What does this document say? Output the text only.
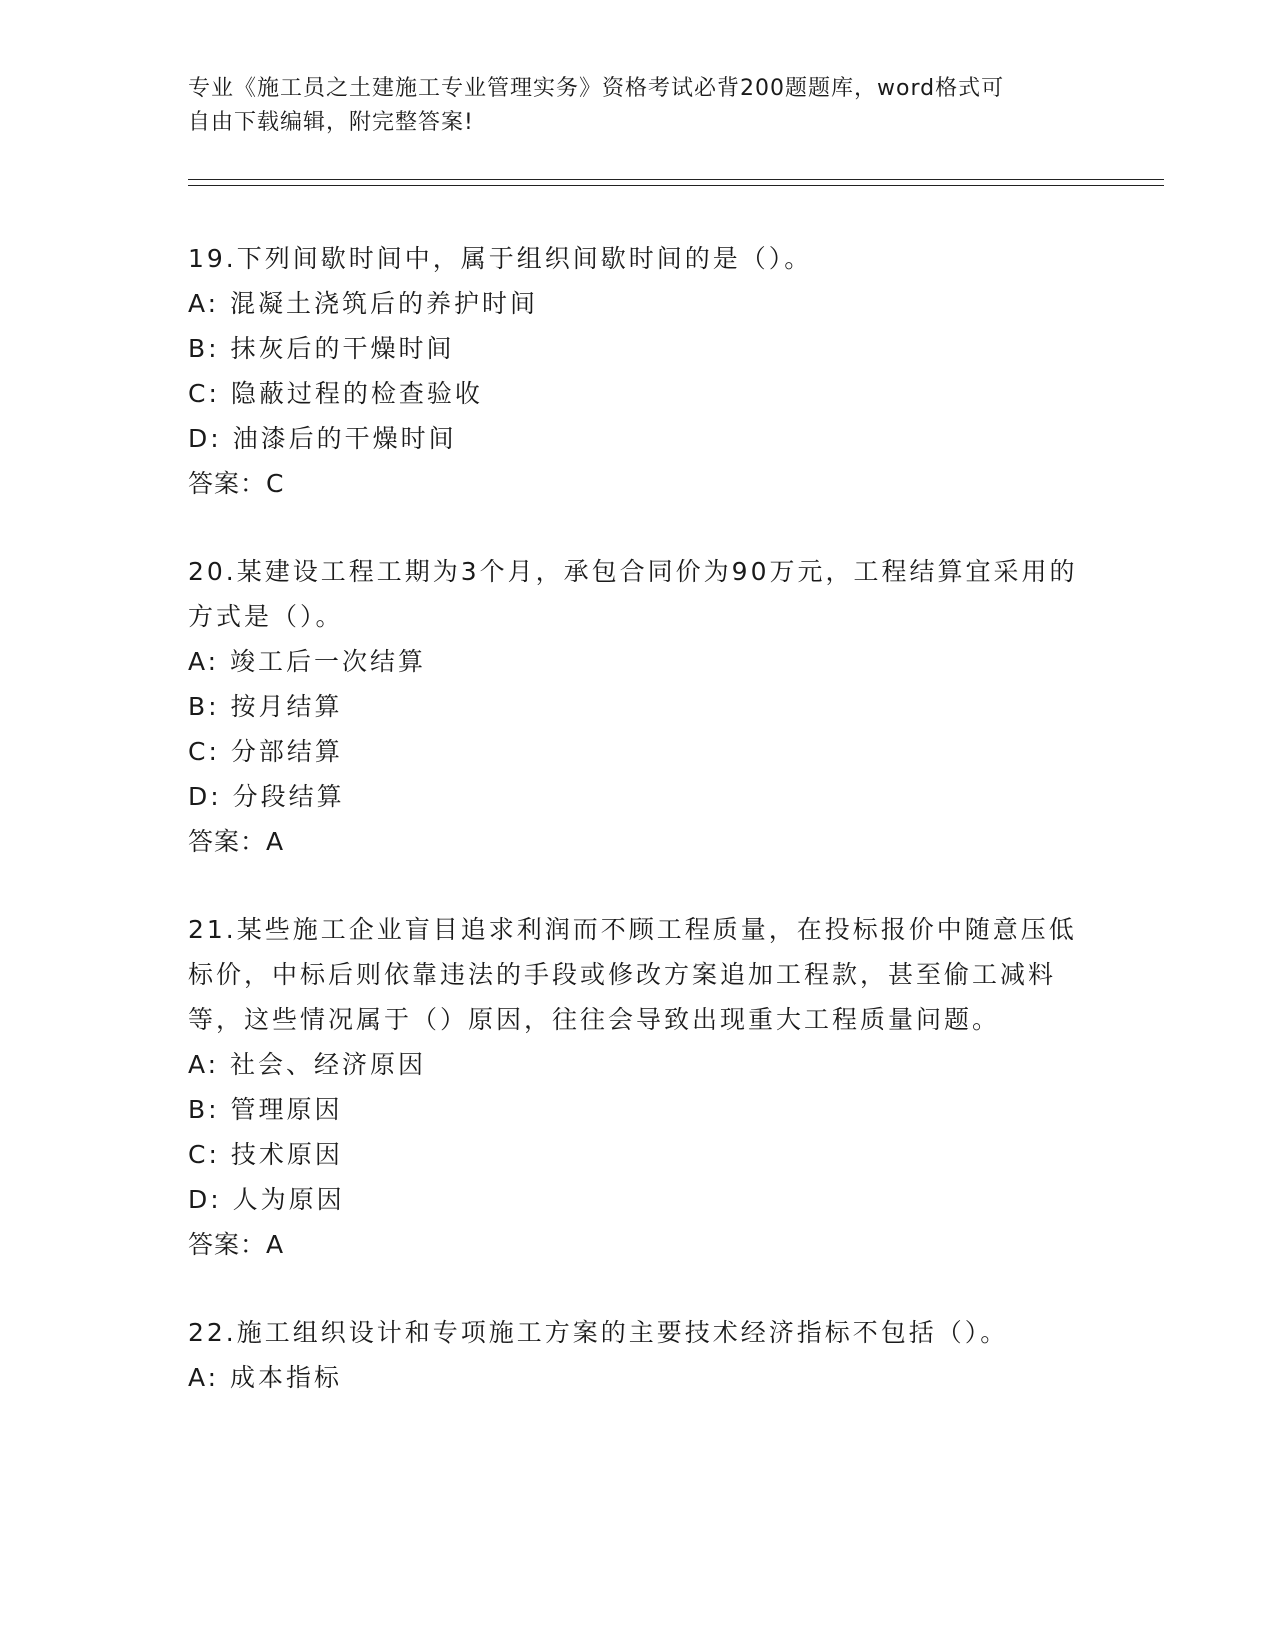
专业《施工员之土建施工专业管理实务》资格考试必背200题题库，word格式可
自由下载编辑，附完整答案!

19.下列间歇时间中，属于组织间歇时间的是（）。

A: 混凝土浇筑后的养护时间

B: 抹灰后的干燥时间

C: 隐蔽过程的检查验收

D: 油漆后的干燥时间

答案：C

20.某建设工程工期为3个月，承包合同价为90万元，工程结算宜采用的方式是（）。

A: 竣工后一次结算

B: 按月结算

C: 分部结算

D: 分段结算

答案：A

21.某些施工企业盲目追求利润而不顾工程质量，在投标报价中随意压低标价，中标后则依靠违法的手段或修改方案追加工程款，甚至偷工减料等，这些情况属于（）原因，往往会导致出现重大工程质量问题。

A: 社会、经济原因

B: 管理原因

C: 技术原因

D: 人为原因

答案：A

22.施工组织设计和专项施工方案的主要技术经济指标不包括（）。

A: 成本指标
